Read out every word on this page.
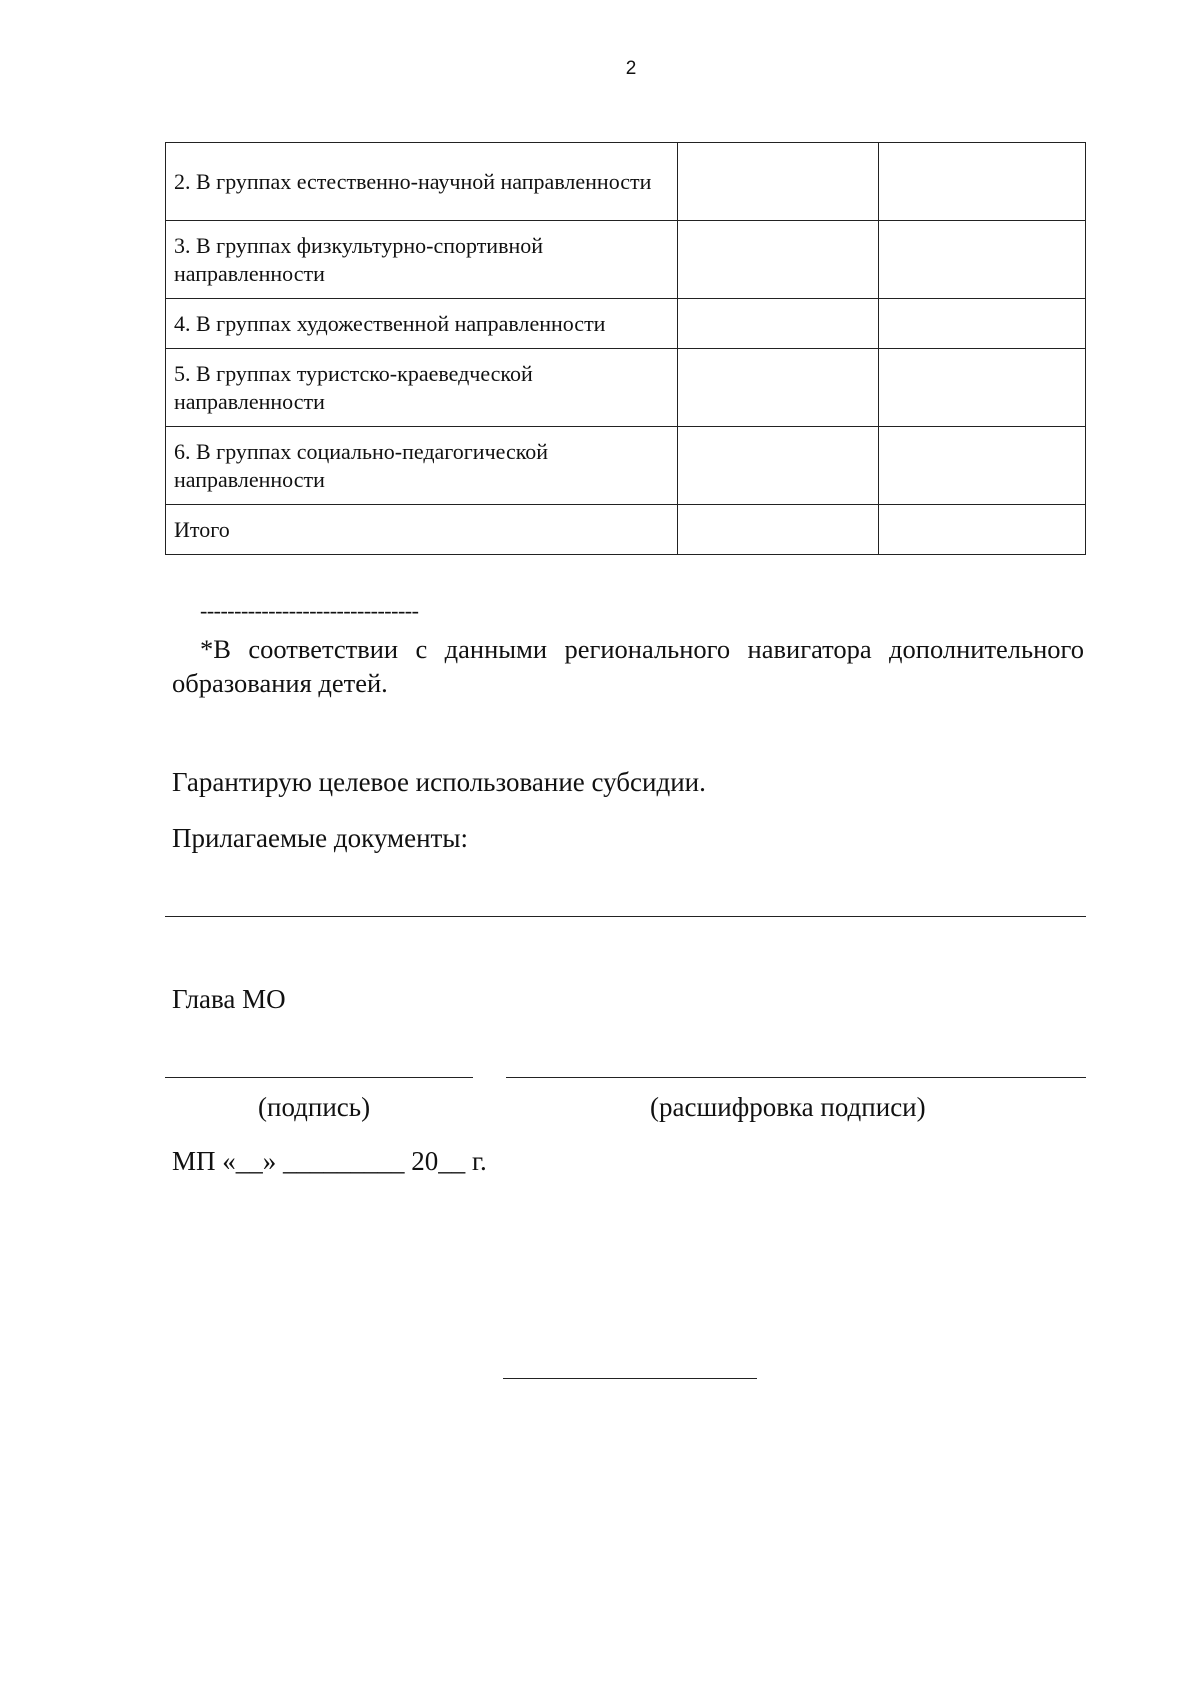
2
2. В группах естественно-научной направленности		
3. В группах физкультурно-спортивной направленности		
4. В группах художественной направленности		
5. В группах туристско-краеведческой направленности		
6. В группах социально-педагогической направленности		
Итого		
--------------------------------
*В соответствии с данными регионального навигатора дополнительного образования детей.
Гарантирую целевое использование субсидии.
Прилагаемые документы:
Глава МО
(подпись)	(расшифровка подписи)
МП «__» _________ 20__ г.
